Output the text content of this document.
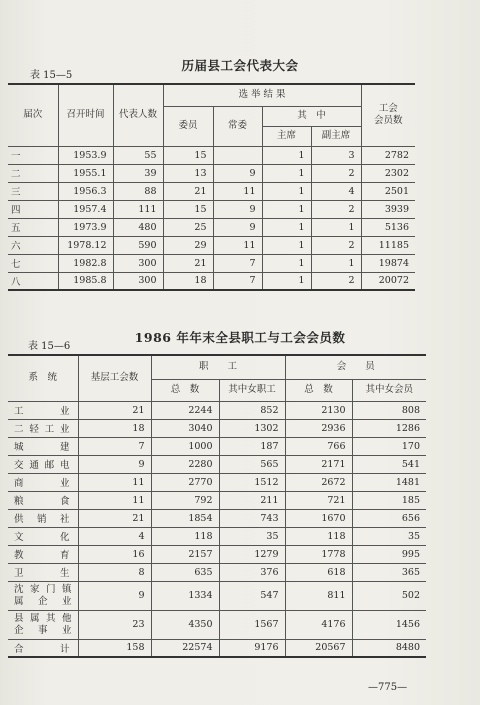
历届县工会代表大会
表 15—5
届次	召开时间	代表人数	选 举 结 果				工会
会员数
			委员	常委	其　中		
					主席	副主席	
一	1953.9	55	15		1	3	2782
二	1955.1	39	13	9	1	2	2302
三	1956.3	88	21	11	1	4	2501
四	1957.4	111	15	9	1	2	3939
五	1973.9	480	25	9	1	1	5136
六	1978.12	590	29	11	1	2	11185
七	1982.8	300	21	7	1	1	19874
八	1985.8	300	18	7	1	2	20072
1986 年年末全县职工与工会会员数
表 15—6
系　统	基层工会数	职　　工		会　　员	
		总　数	其中女职工	总　数	其中女会员
工业	21	2244	852	2130	808
二轻工业	18	3040	1302	2936	1286
城建	7	1000	187	766	170
交通邮电	9	2280	565	2171	541
商业	11	2770	1512	2672	1481
粮食	11	792	211	721	185
供销社	21	1854	743	1670	656
文化	4	118	35	118	35
教育	16	2157	1279	1778	995
卫生	8	635	376	618	365
沈家门镇
属企业	9	1334	547	811	502
县属其他
企事业	23	4350	1567	4176	1456
合计	158	22574	9176	20567	8480
—775—
